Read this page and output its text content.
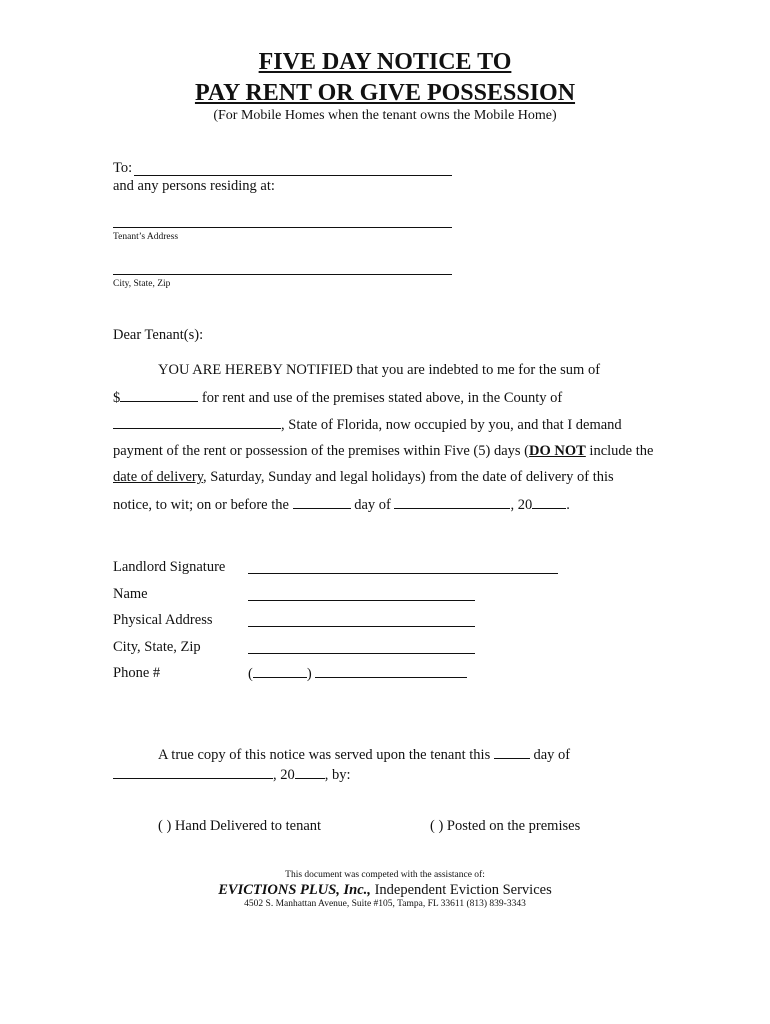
FIVE DAY NOTICE TO
PAY RENT OR GIVE POSSESSION
(For Mobile Homes when the tenant owns the Mobile Home)
To:
and any persons residing at:
Tenant’s Address
City, State, Zip
Dear Tenant(s):
YOU ARE HEREBY NOTIFIED that you are indebted to me for the sum of
$	for rent and use of the premises stated above, in the County of
, State of Florida, now occupied by you, and that I demand
payment of the rent or possession of the premises within Five (5) days (DO NOT include the
date of delivery, Saturday, Sunday and legal holidays) from the date of delivery of this
notice, to wit; on or before the	day of	, 20 .
Landlord Signature
Name
Physical Address
City, State, Zip
Phone #	(	)
A true copy of this notice was served upon the tenant this	day of
, 20 , by:
( ) Hand Delivered to tenant	( ) Posted on the premises
This document was competed with the assistance of:
EVICTIONS PLUS, Inc., Independent Eviction Services
4502 S. Manhattan Avenue, Suite #105, Tampa, FL 33611 (813) 839-3343
